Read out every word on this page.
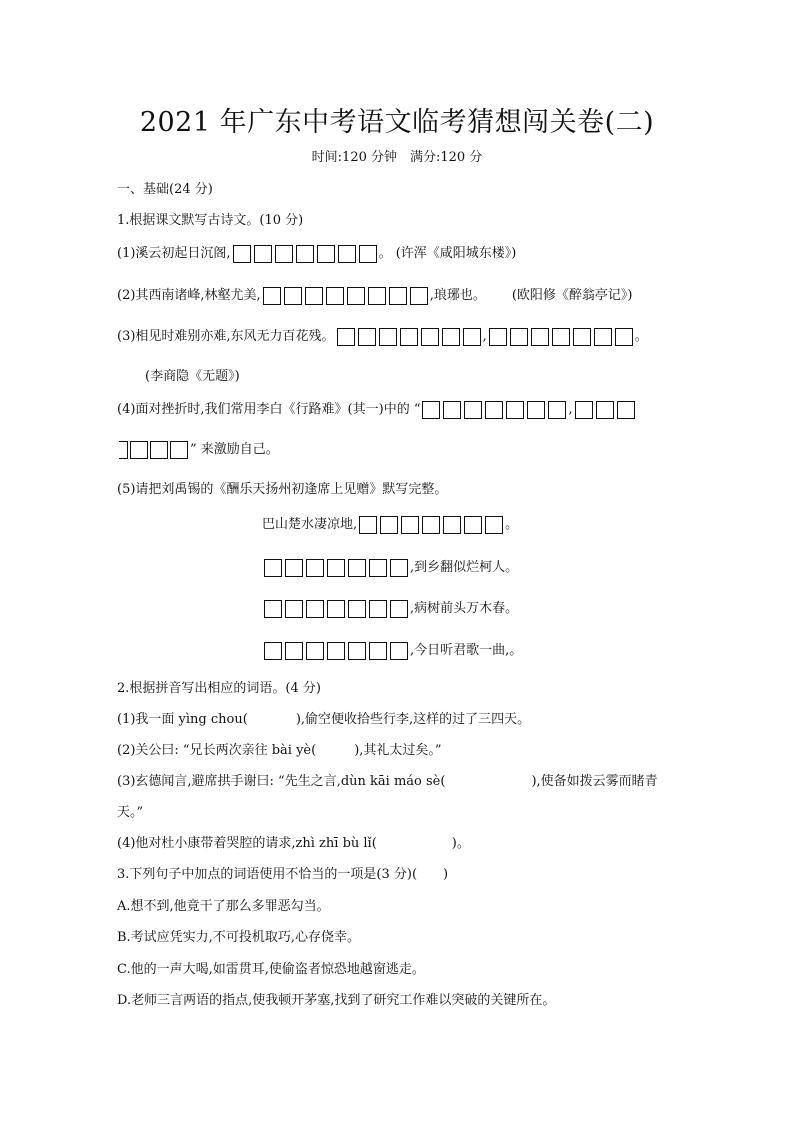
2021 年广东中考语文临考猜想闯关卷(二)
时间:120 分钟　满分:120 分
一、基础(24 分)
1.根据课文默写古诗文。(10 分)
(1)溪云初起日沉阁,	。 (许浑《咸阳城东楼》)
(2)其西南诸峰,林壑尤美,	,琅琊也。 (欧阳修《醉翁亭记》)
(3)相见时难别亦难,东风无力百花残。	,	。
(李商隐《无题》)
(4)面对挫折时,我们常用李白《行路难》(其一)中的 “	,
” 来激励自己。
(5)请把刘禹锡的《酬乐天扬州初逢席上见赠》默写完整。
巴山楚水凄凉地,	。
,到乡翻似烂柯人。
,病树前头万木春。
,今日听君歌一曲,。
2.根据拼音写出相应的词语。(4 分)
(1)我一面 yìng chou(	),偷空便收拾些行李,这样的过了三四天。
(2)关公曰: “兄长两次亲往 bài yè(	),其礼太过矣。”
(3)玄德闻言,避席拱手谢曰: “先生之言,dùn kāi máo sè(	),使备如拨云雾而睹青
天。”
(4)他对杜小康带着哭腔的请求,zhì zhī bù lǐ(	)。
3.下列句子中加点的词语使用不恰当的一项是(3 分)(　　)
A.想不到,他竟干了那么多罪恶勾当。
B.考试应凭实力,不可投机取巧,心存侥幸。
C.他的一声大喝,如雷贯耳,使偷盗者惊恐地越窗逃走。
D.老师三言两语的指点,使我顿开茅塞,找到了研究工作难以突破的关键所在。
